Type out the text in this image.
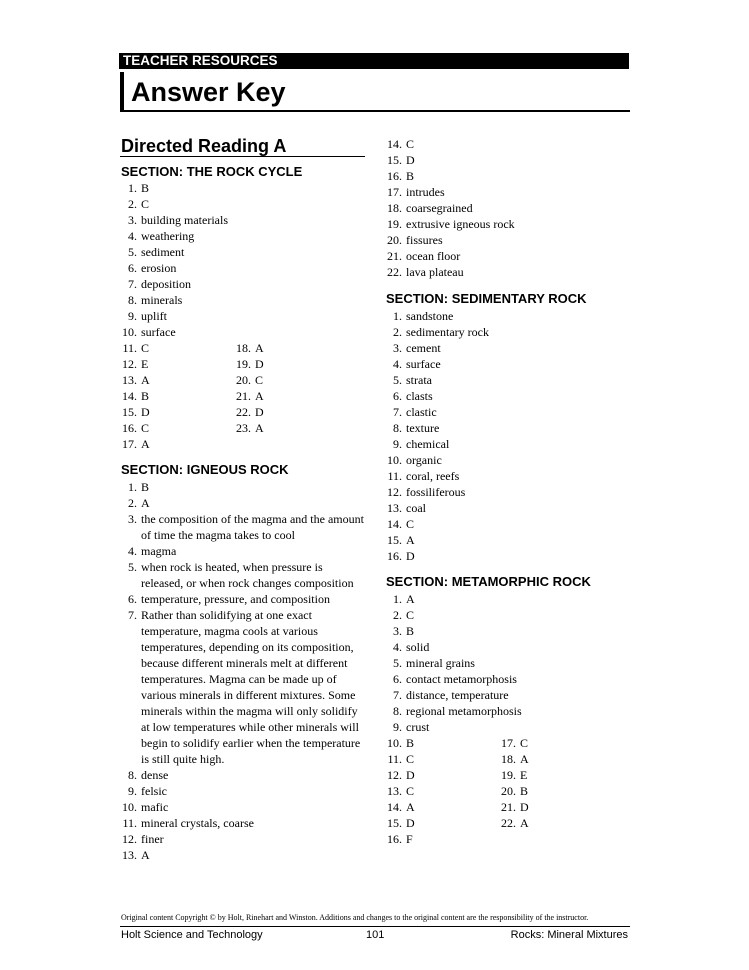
TEACHER RESOURCES
Answer Key
Directed Reading A
SECTION: THE ROCK CYCLE
1. B
2. C
3. building materials
4. weathering
5. sediment
6. erosion
7. deposition
8. minerals
9. uplift
10. surface
11. C	18. A
12. E	19. D
13. A	20. C
14. B	21. A
15. D	22. D
16. C	23. A
17. A
SECTION: IGNEOUS ROCK
1. B
2. A
3. the composition of the magma and the amount of time the magma takes to cool
4. magma
5. when rock is heated, when pressure is released, or when rock changes composition
6. temperature, pressure, and composition
7. Rather than solidifying at one exact temperature, magma cools at various temperatures, depending on its composition, because different minerals melt at different temperatures. Magma can be made up of various minerals in different mixtures. Some minerals within the magma will only solidify at low temperatures while other minerals will begin to solidify earlier when the temperature is still quite high.
8. dense
9. felsic
10. mafic
11. mineral crystals, coarse
12. finer
13. A
14. C
15. D
16. B
17. intrudes
18. coarsegrained
19. extrusive igneous rock
20. fissures
21. ocean floor
22. lava plateau
SECTION: SEDIMENTARY ROCK
1. sandstone
2. sedimentary rock
3. cement
4. surface
5. strata
6. clasts
7. clastic
8. texture
9. chemical
10. organic
11. coral, reefs
12. fossiliferous
13. coal
14. C
15. A
16. D
SECTION: METAMORPHIC ROCK
1. A
2. C
3. B
4. solid
5. mineral grains
6. contact metamorphosis
7. distance, temperature
8. regional metamorphosis
9. crust
10. B	17. C
11. C	18. A
12. D	19. E
13. C	20. B
14. A	21. D
15. D	22. A
16. F
Original content Copyright © by Holt, Rinehart and Winston. Additions and changes to the original content are the responsibility of the instructor.
Holt Science and Technology	101	Rocks: Mineral Mixtures
